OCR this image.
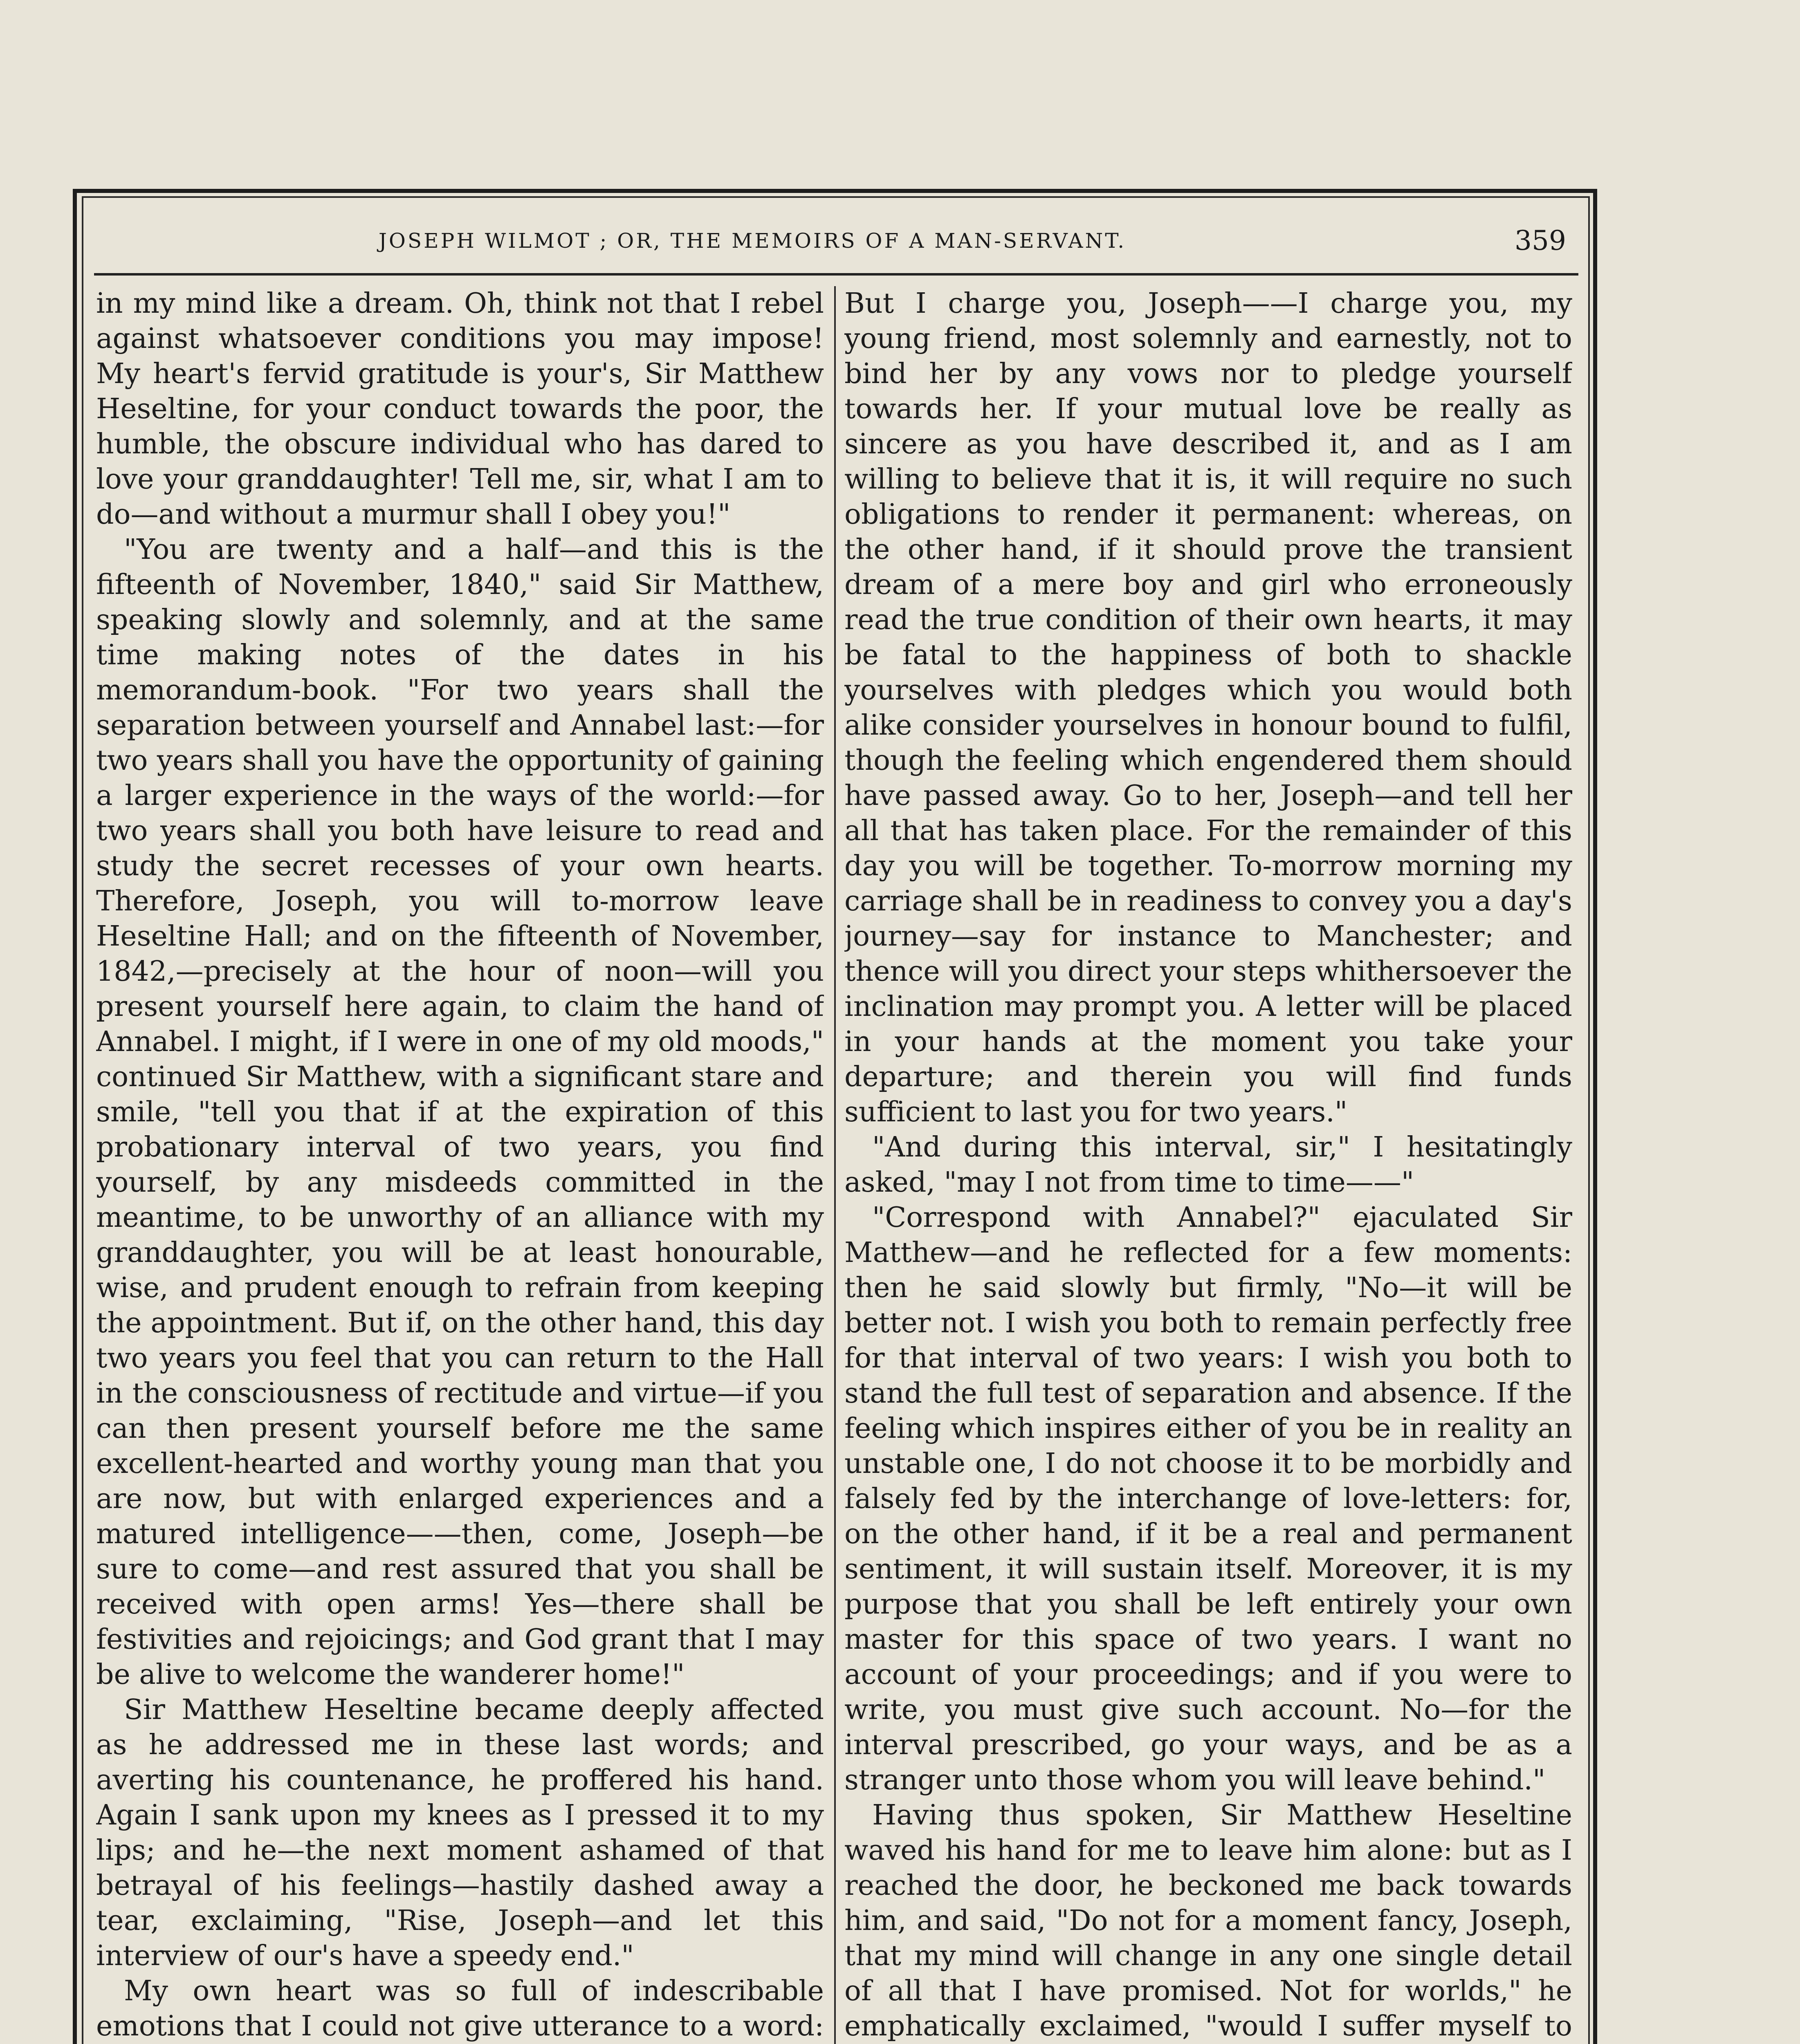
JOSEPH WILMOT ; OR, THE MEMOIRS OF A MAN-SERVANT.	359

in my mind like a dream. Oh, think not that I rebel against whatsoever conditions you may impose! My heart's fervid gratitude is your's, Sir Matthew Heseltine, for your conduct towards the poor, the humble, the obscure individual who has dared to love your granddaughter! Tell me, sir, what I am to do—and without a murmur shall I obey you!"

"You are twenty and a half—and this is the fifteenth of November, 1840," said Sir Matthew, speaking slowly and solemnly, and at the same time making notes of the dates in his memorandum-book. "For two years shall the separation between yourself and Annabel last:—for two years shall you have the opportunity of gaining a larger experience in the ways of the world:—for two years shall you both have leisure to read and study the secret recesses of your own hearts. Therefore, Joseph, you will to-morrow leave Heseltine Hall; and on the fifteenth of November, 1842,—precisely at the hour of noon—will you present yourself here again, to claim the hand of Annabel. I might, if I were in one of my old moods," continued Sir Matthew, with a significant stare and smile, "tell you that if at the expiration of this probationary interval of two years, you find yourself, by any misdeeds committed in the meantime, to be unworthy of an alliance with my granddaughter, you will be at least honourable, wise, and prudent enough to refrain from keeping the appointment. But if, on the other hand, this day two years you feel that you can return to the Hall in the consciousness of rectitude and virtue—if you can then present yourself before me the same excellent-hearted and worthy young man that you are now, but with enlarged experiences and a matured intelligence——then, come, Joseph—be sure to come—and rest assured that you shall be received with open arms! Yes—there shall be festivities and rejoicings; and God grant that I may be alive to welcome the wanderer home!"

Sir Matthew Heseltine became deeply affected as he addressed me in these last words; and averting his countenance, he proffered his hand. Again I sank upon my knees as I pressed it to my lips; and he—the next moment ashamed of that betrayal of his feelings—hastily dashed away a tear, exclaiming, "Rise, Joseph—and let this interview of our's have a speedy end."

My own heart was so full of indescribable emotions that I could not give utterance to a word:

But I charge you, Joseph——I charge you, my young friend, most solemnly and earnestly, not to bind her by any vows nor to pledge yourself towards her. If your mutual love be really as sincere as you have described it, and as I am willing to believe that it is, it will require no such obligations to render it permanent: whereas, on the other hand, if it should prove the transient dream of a mere boy and girl who erroneously read the true condition of their own hearts, it may be fatal to the happiness of both to shackle yourselves with pledges which you would both alike consider yourselves in honour bound to fulfil, though the feeling which engendered them should have passed away. Go to her, Joseph—and tell her all that has taken place. For the remainder of this day you will be together. To-morrow morning my carriage shall be in readiness to convey you a day's journey—say for instance to Manchester; and thence will you direct your steps whithersoever the inclination may prompt you. A letter will be placed in your hands at the moment you take your departure; and therein you will find funds sufficient to last you for two years."

"And during this interval, sir," I hesitatingly asked, "may I not from time to time——"

"Correspond with Annabel?" ejaculated Sir Matthew—and he reflected for a few moments: then he said slowly but firmly, "No—it will be better not. I wish you both to remain perfectly free for that interval of two years: I wish you both to stand the full test of separation and absence. If the feeling which inspires either of you be in reality an unstable one, I do not choose it to be morbidly and falsely fed by the interchange of love-letters: for, on the other hand, if it be a real and permanent sentiment, it will sustain itself. Moreover, it is my purpose that you shall be left entirely your own master for this space of two years. I want no account of your proceedings; and if you were to write, you must give such account. No—for the interval prescribed, go your ways, and be as a stranger unto those whom you will leave behind."

Having thus spoken, Sir Matthew Heseltine waved his hand for me to leave him alone: but as I reached the door, he beckoned me back towards him, and said, "Do not for a moment fancy, Joseph, that my mind will change in any one single detail of all that I have promised. Not for worlds," he emphatically exclaimed, "would I suffer myself to
